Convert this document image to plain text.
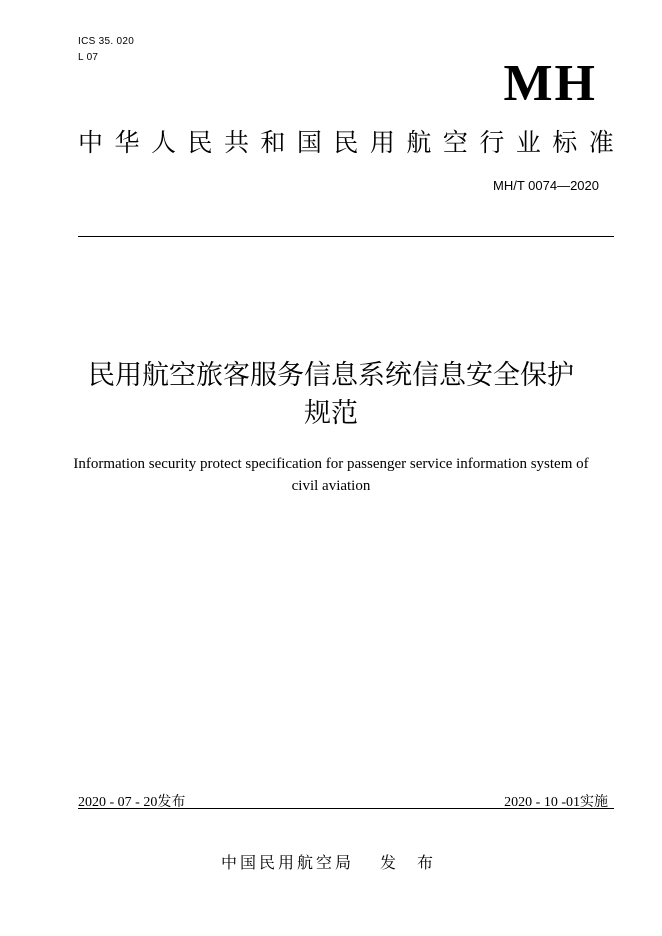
ICS 35. 020
L 07	MH
中 华 人 民 共 和 国 民 用 航 空 行 业 标 准
MH/T 0074—2020
民用航空旅客服务信息系统信息安全保护
规范
Information security protect specification for passenger service information system of
civil aviation
2020 - 07 - 20发布	2020 - 10 -01实施
中国民用航空局 发 布
